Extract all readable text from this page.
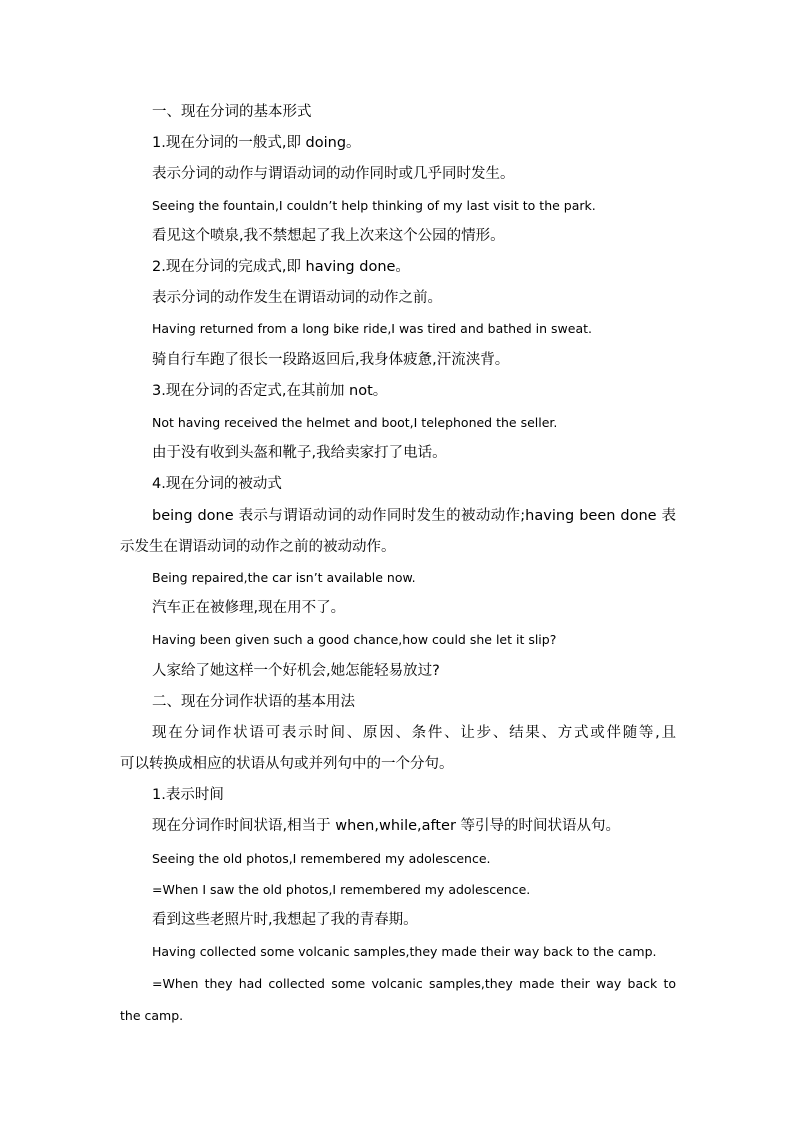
一、现在分词的基本形式
1.现在分词的一般式,即 doing。
表示分词的动作与谓语动词的动作同时或几乎同时发生。
Seeing the fountain,I couldn’t help thinking of my last visit to the park.
看见这个喷泉,我不禁想起了我上次来这个公园的情形。
2.现在分词的完成式,即 having done。
表示分词的动作发生在谓语动词的动作之前。
Having returned from a long bike ride,I was tired and bathed in sweat.
骑自行车跑了很长一段路返回后,我身体疲惫,汗流浃背。
3.现在分词的否定式,在其前加 not。
Not having received the helmet and boot,I telephoned the seller.
由于没有收到头盔和靴子,我给卖家打了电话。
4.现在分词的被动式
being done 表示与谓语动词的动作同时发生的被动动作;having been done 表
示发生在谓语动词的动作之前的被动动作。
Being repaired,the car isn’t available now.
汽车正在被修理,现在用不了。
Having been given such a good chance,how could she let it slip?
人家给了她这样一个好机会,她怎能轻易放过?
二、现在分词作状语的基本用法
现在分词作状语可表示时间、原因、条件、让步、结果、方式或伴随等,且
可以转换成相应的状语从句或并列句中的一个分句。
1.表示时间
现在分词作时间状语,相当于 when,while,after 等引导的时间状语从句。
Seeing the old photos,I remembered my adolescence.
=When I saw the old photos,I remembered my adolescence.
看到这些老照片时,我想起了我的青春期。
Having collected some volcanic samples,they made their way back to the camp.
=When they had collected some volcanic samples,they made their way back to
the camp.
